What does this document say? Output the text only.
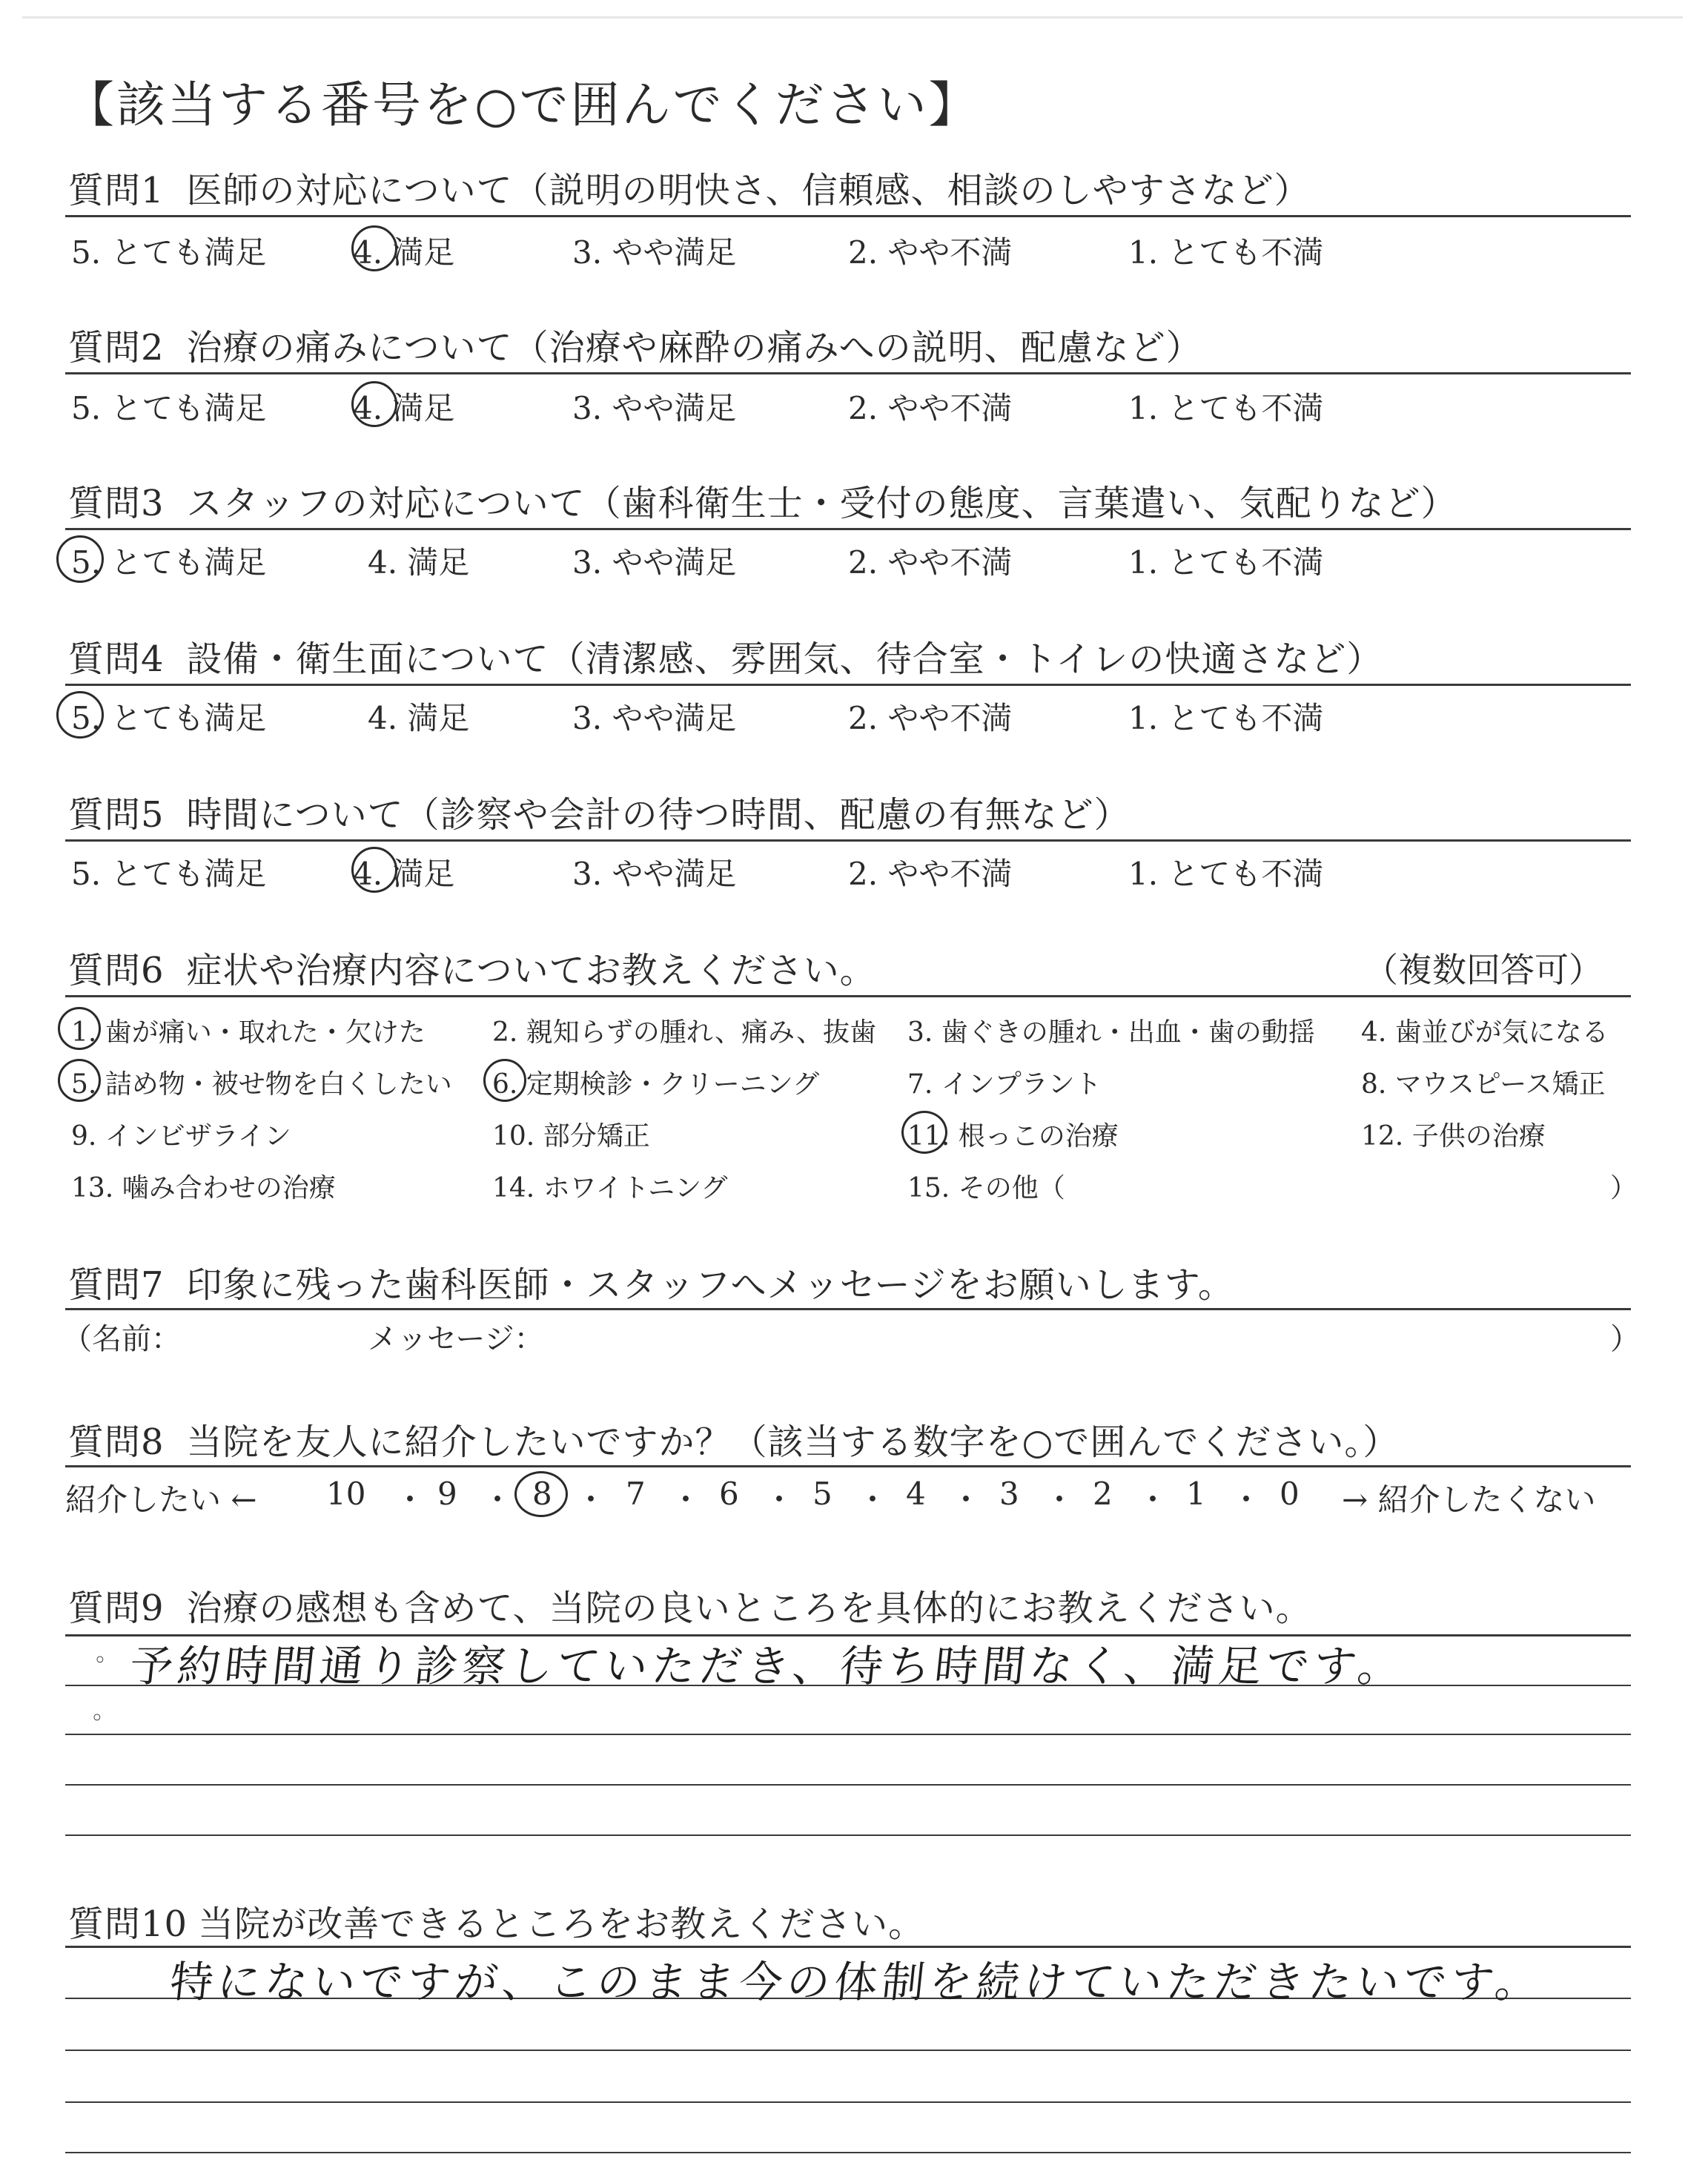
【該当する番号を○で囲んでください】
質問1 医師の対応について（説明の明快さ、信頼感、相談のしやすさなど）
5. とても満足	4. 満足	3. やや満足	2. やや不満	1. とても不満
質問2 治療の痛みについて（治療や麻酔の痛みへの説明、配慮など）
5. とても満足	4. 満足	3. やや満足	2. やや不満	1. とても不満
質問3 スタッフの対応について（歯科衛生士・受付の態度、言葉遣い、気配りなど）
5. とても満足	4. 満足	3. やや満足	2. やや不満	1. とても不満
質問4 設備・衛生面について（清潔感、雰囲気、待合室・トイレの快適さなど）
5. とても満足	4. 満足	3. やや満足	2. やや不満	1. とても不満
質問5 時間について（診察や会計の待つ時間、配慮の有無など）
5. とても満足	4. 満足	3. やや満足	2. やや不満	1. とても不満
質問6 症状や治療内容についてお教えください。	（複数回答可）
1. 歯が痛い・取れた・欠けた	2. 親知らずの腫れ、痛み、抜歯 3. 歯ぐきの腫れ・出血・歯の動揺 4. 歯並びが気になる
5. 詰め物・被せ物を白くしたい 6. 定期検診・クリーニング	7. インプラント	8. マウスピース矯正
9. インビザライン	10. 部分矯正	11. 根っこの治療	12. 子供の治療
13. 噛み合わせの治療	14. ホワイトニング	15. その他（	）
質問7 印象に残った歯科医師・スタッフへメッセージをお願いします。
（名前：	メッセージ：	）
質問8 当院を友人に紹介したいですか？（該当する数字を○で囲んでください。）
紹介したい ←	→ 紹介したくない
10 ・ 9 ・ 8 ・ 7 ・ 6 ・ 5 ・ 4 ・ 3 ・ 2 ・ 1 ・ 0
質問9 治療の感想も含めて、当院の良いところを具体的にお教えください。
◦
◦
予約時間通り診察していただき、待ち時間なく、満足です。
質問10 当院が改善できるところをお教えください。
特にないですが、このまま今の体制を続けていただきたいです。
